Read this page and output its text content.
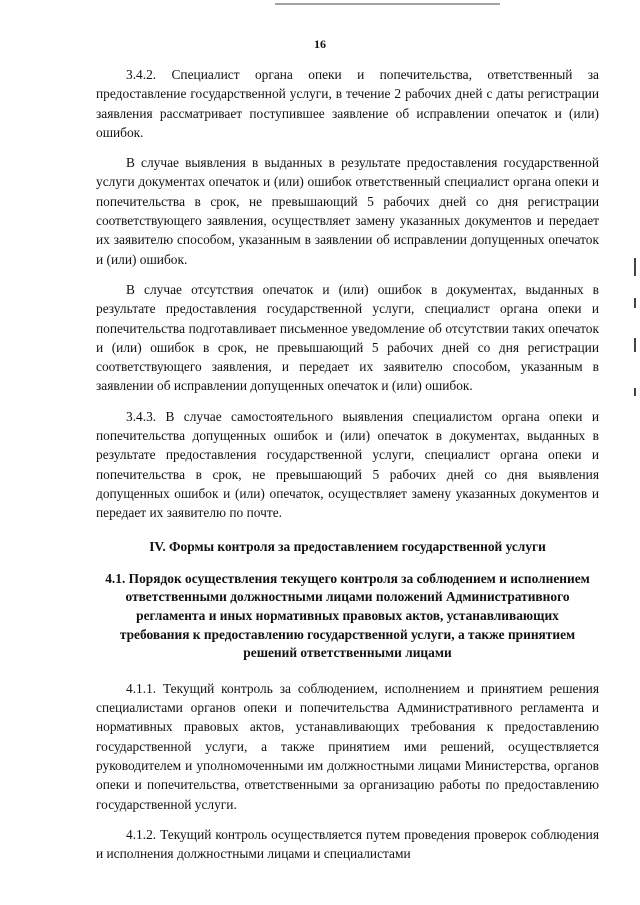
16

3.4.2. Специалист органа опеки и попечительства, ответственный за предоставление государственной услуги, в течение 2 рабочих дней с даты регистрации заявления рассматривает поступившее заявление об исправлении опечаток и (или) ошибок.

В случае выявления в выданных в результате предоставления государственной услуги документах опечаток и (или) ошибок ответственный специалист органа опеки и попечительства в срок, не превышающий 5 рабочих дней со дня регистрации соответствующего заявления, осуществляет замену указанных документов и передает их заявителю способом, указанным в заявлении об исправлении допущенных опечаток и (или) ошибок.

В случае отсутствия опечаток и (или) ошибок в документах, выданных в результате предоставления государственной услуги, специалист органа опеки и попечительства подготавливает письменное уведомление об отсутствии таких опечаток и (или) ошибок в срок, не превышающий 5 рабочих дней со дня регистрации соответствующего заявления, и передает их заявителю способом, указанным в заявлении об исправлении допущенных опечаток и (или) ошибок.

3.4.3. В случае самостоятельного выявления специалистом органа опеки и попечительства допущенных ошибок и (или) опечаток в документах, выданных в результате предоставления государственной услуги, специалист органа опеки и попечительства в срок, не превышающий 5 рабочих дней со дня выявления допущенных ошибок и (или) опечаток, осуществляет замену указанных документов и передает их заявителю по почте.

IV. Формы контроля за предоставлением государственной услуги

4.1. Порядок осуществления текущего контроля за соблюдением и исполнением ответственными должностными лицами положений Административного регламента и иных нормативных правовых актов, устанавливающих требования к предоставлению государственной услуги, а также принятием решений ответственными лицами

4.1.1. Текущий контроль за соблюдением, исполнением и принятием решения специалистами органов опеки и попечительства Административного регламента и нормативных правовых актов, устанавливающих требования к предоставлению государственной услуги, а также принятием ими решений, осуществляется руководителем и уполномоченными им должностными лицами Министерства, органов опеки и попечительства, ответственными за организацию работы по предоставлению государственной услуги.

4.1.2. Текущий контроль осуществляется путем проведения проверок соблюдения и исполнения должностными лицами и специалистами
